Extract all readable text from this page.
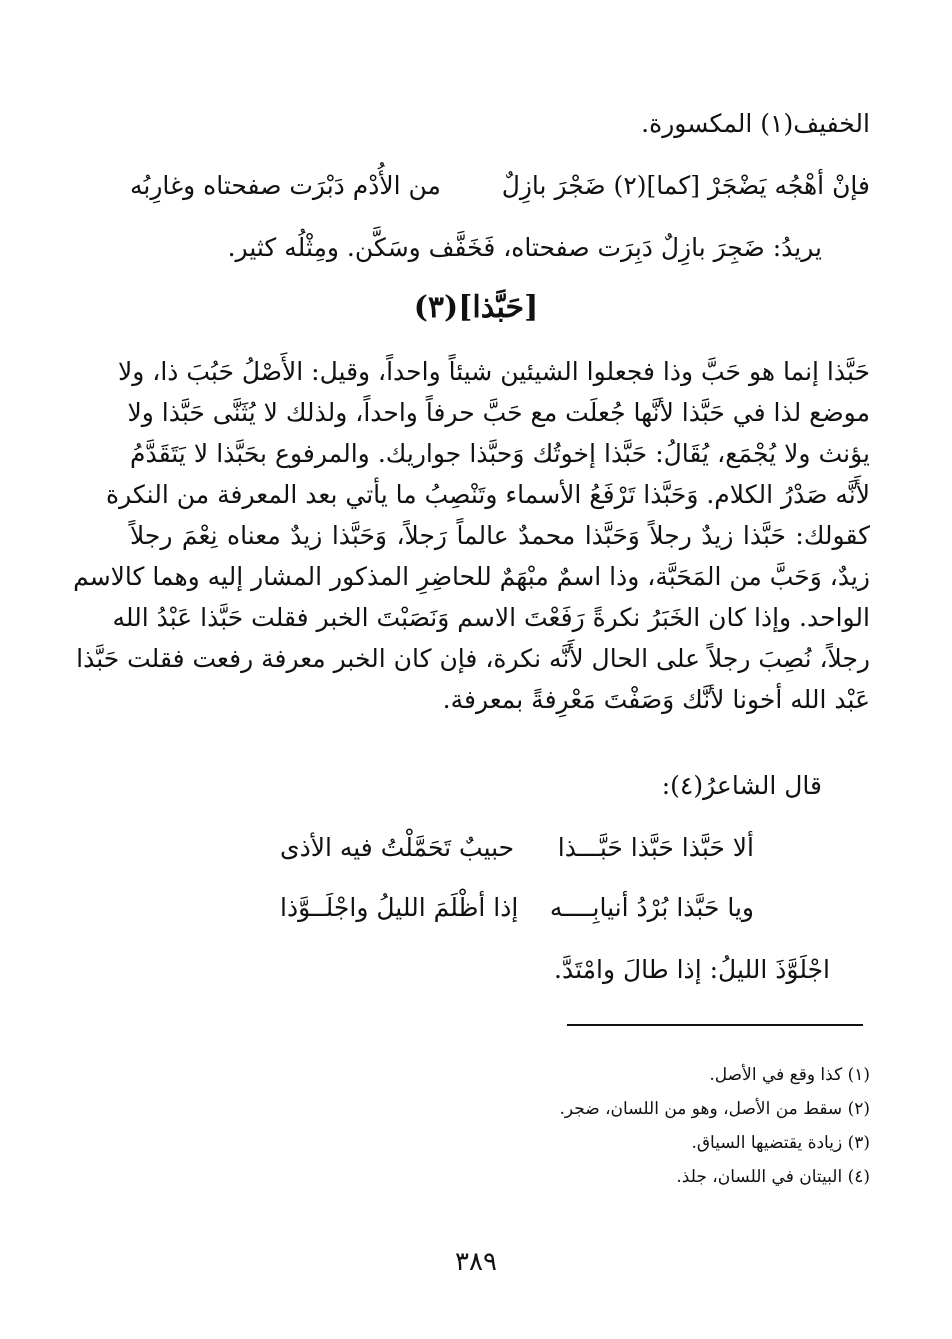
الخفيف(١) المكسورة.
فإنْ أهْجُه يَضْجَرْ [كما](٢) ضَجْرَ بازِلٌ
من الأُدْم دَبْرَت صفحتاه وغارِبُه
يريدُ: ضَجِرَ بازِلٌ دَبِرَت صفحتاه، فَخَفَّف وسَكَّن. ومِثْلُه كثير.
[حَبَّذا](٣)
حَبَّذا إنما هو حَبَّ وذا فجعلوا الشيئين شيئاً واحداً، وقيل: الأَصْلُ حَبُبَ ذا، ولا
موضع لذا في حَبَّذا لأنَّها جُعلَت مع حَبَّ حرفاً واحداً، ولذلك لا يُثَنَّى حَبَّذا ولا
يؤنث ولا يُجْمَع، يُقَالُ: حَبَّذا إخوتُك وَحبَّذا جواريك. والمرفوع بحَبَّذا لا يَتَقَدَّمُ
لأَنَّه صَدْرُ الكلام. وَحَبَّذا تَرْفَعُ الأسماء وتَنْصِبُ ما يأتي بعد المعرفة من النكرة
كقولك: حَبَّذا زيدٌ رجلاً وَحَبَّذا محمدٌ عالماً رَجلاً، وَحَبَّذا زيدٌ معناه نِعْمَ رجلاً
زيدٌ، وَحَبَّ من المَحَبَّة، وذا اسمٌ مبْهَمٌ للحاضِرِ المذكور المشار إليه وهما كالاسم
الواحد. وإذا كان الخَبَرُ نكرةً رَفَعْتَ الاسم وَنَصَبْتَ الخبر فقلت حَبَّذا عَبْدُ الله
رجلاً، نُصِبَ رجلاً على الحال لأَنَّه نكرة، فإن كان الخبر معرفة رفعت فقلت حَبَّذا
عَبْد الله أخونا لأنَّك وَصَفْتَ مَعْرِفةً بمعرفة.
قال الشاعرُ(٤):
ألا حَبَّذا حَبَّذا حَبَّـــذا
حبيبٌ تَحَمَّلْتُ فيه الأذى
ويا حَبَّذا بُرْدُ أنيابِــــه
إذا أظْلَمَ الليلُ واجْلَــوَّذا
اجْلَوَّذَ الليلُ: إذا طالَ وامْتَدَّ.
(١) كذا وقع في الأصل.
(٢) سقط من الأصل، وهو من اللسان، ضجر.
(٣) زيادة يقتضيها السياق.
(٤) البيتان في اللسان، جلذ.
٣٨٩
